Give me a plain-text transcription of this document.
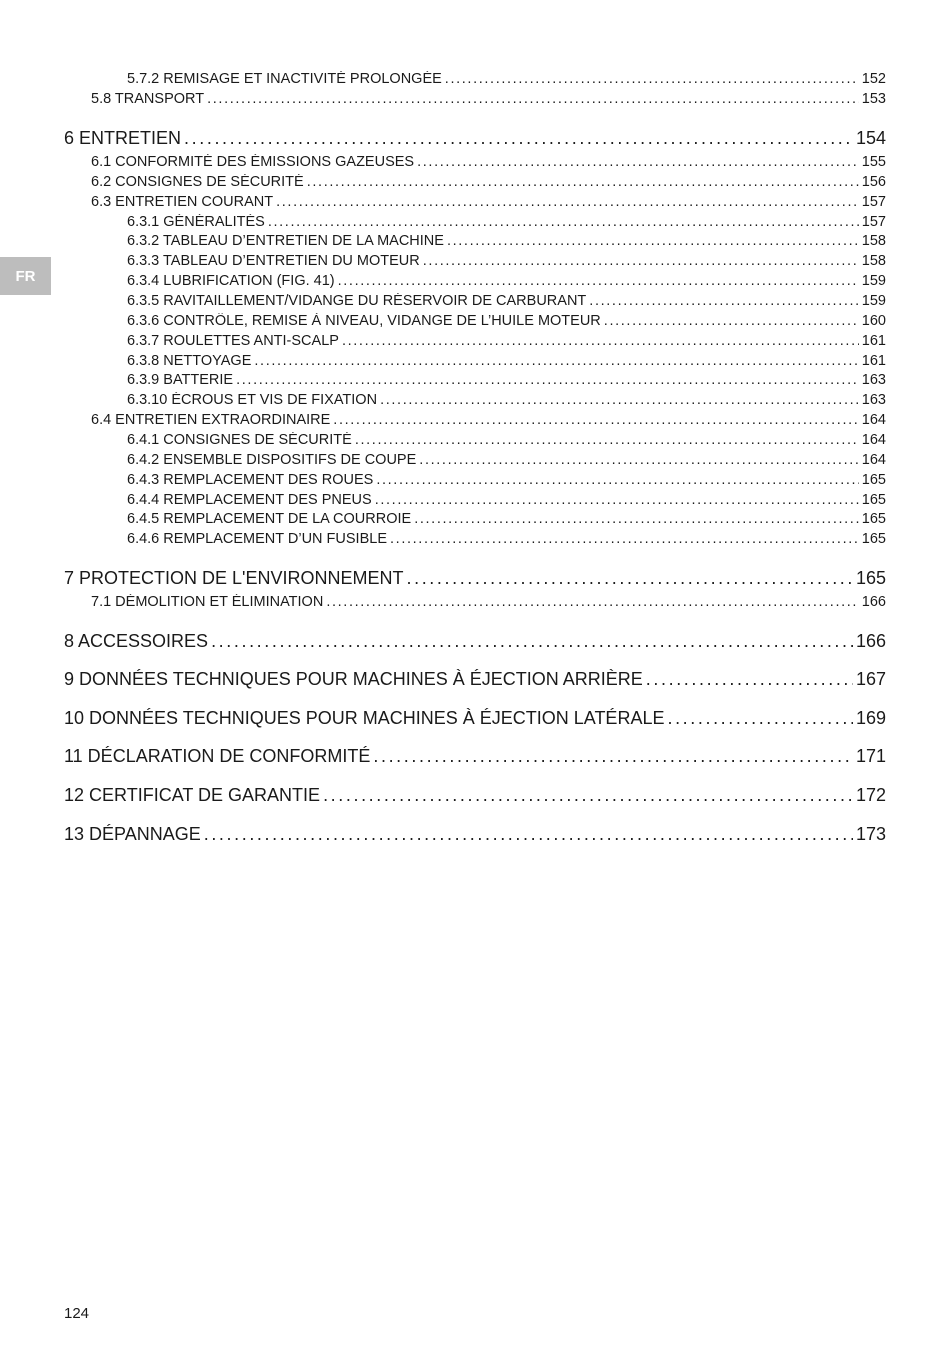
FR
5.7.2 REMISAGE ET INACTIVITÉ PROLONGÉE . . .	152
5.8 TRANSPORT . . .	153
6 ENTRETIEN . . .	154
6.1 CONFORMITÉ DES ÉMISSIONS GAZEUSES . . .	155
6.2 CONSIGNES DE SÉCURITÉ . . .	156
6.3 ENTRETIEN COURANT . . .	157
6.3.1 GÉNÉRALITÉS . . .	157
6.3.2 TABLEAU D’ENTRETIEN DE LA MACHINE . . .	158
6.3.3 TABLEAU D’ENTRETIEN DU MOTEUR . . .	158
6.3.4 LUBRIFICATION (FIG. 41) . . .	159
6.3.5 RAVITAILLEMENT/VIDANGE DU RÉSERVOIR DE CARBURANT . . .	159
6.3.6 CONTRÔLE, REMISE À NIVEAU, VIDANGE DE L’HUILE MOTEUR . . .	160
6.3.7 ROULETTES ANTI-SCALP . . .	161
6.3.8 NETTOYAGE . . .	161
6.3.9 BATTERIE . . .	163
6.3.10 ÉCROUS ET VIS DE FIXATION . . .	163
6.4 ENTRETIEN EXTRAORDINAIRE . . .	164
6.4.1 CONSIGNES DE SÉCURITÉ . . .	164
6.4.2 ENSEMBLE DISPOSITIFS DE COUPE . . .	164
6.4.3 REMPLACEMENT DES ROUES . . .	165
6.4.4 REMPLACEMENT DES PNEUS . . .	165
6.4.5 REMPLACEMENT DE LA COURROIE . . .	165
6.4.6 REMPLACEMENT D’UN FUSIBLE . . .	165
7 PROTECTION DE L'ENVIRONNEMENT . . .	165
7.1 DÉMOLITION ET ÉLIMINATION . . .	166
8 ACCESSOIRES . . .	166
9 DONNÉES TECHNIQUES POUR MACHINES À ÉJECTION ARRIÈRE . . .	167
10 DONNÉES TECHNIQUES POUR MACHINES À ÉJECTION LATÉRALE . . .	169
11 DÉCLARATION DE CONFORMITÉ . . .	171
12 CERTIFICAT DE GARANTIE . . .	172
13 DÉPANNAGE . . .	173
124
